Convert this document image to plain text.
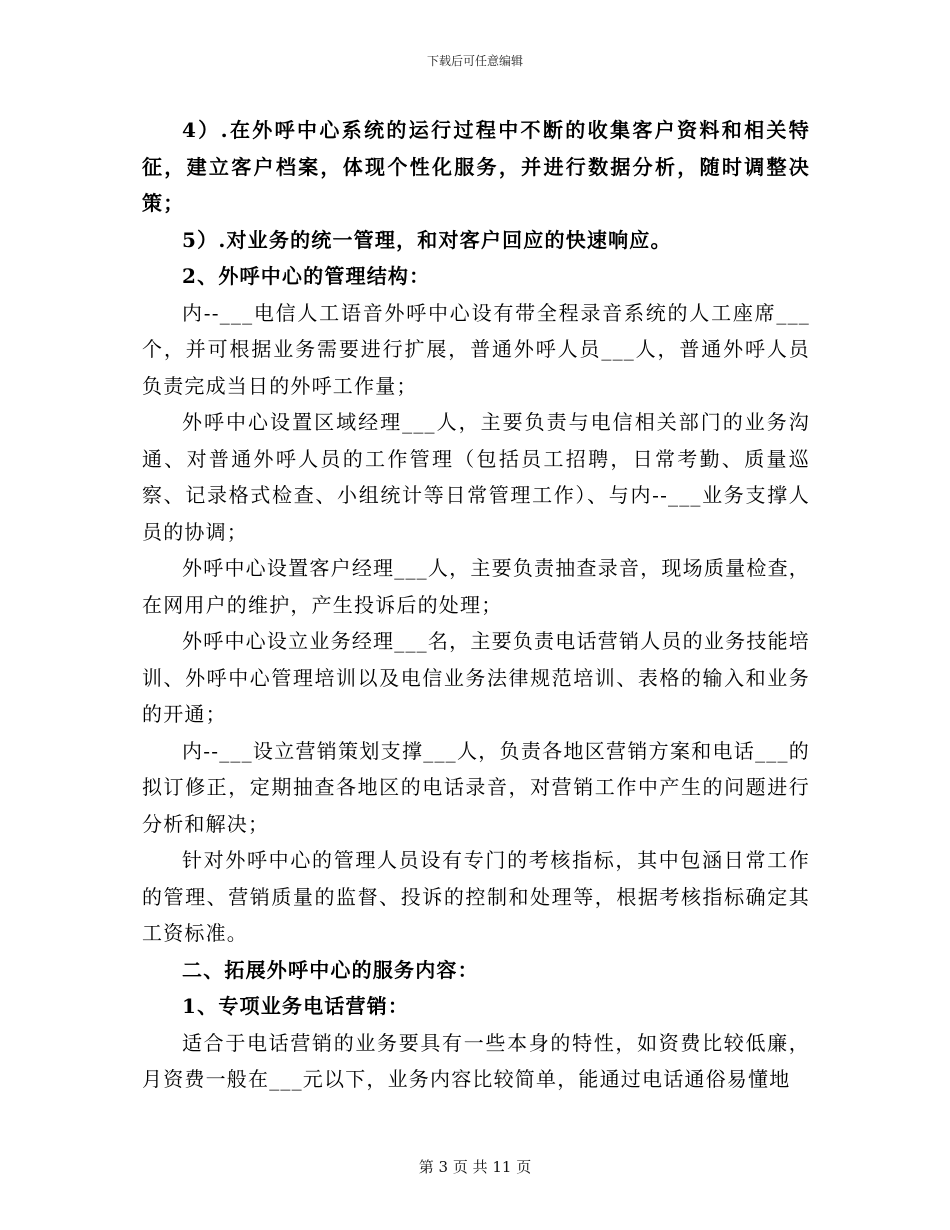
下载后可任意编辑

4）.在外呼中心系统的运行过程中不断的收集客户资料和相关特征，建立客户档案，体现个性化服务，并进行数据分析，随时调整决策；

5）.对业务的统一管理，和对客户回应的快速响应。

2、外呼中心的管理结构：

内--___电信人工语音外呼中心设有带全程录音系统的人工座席___个，并可根据业务需要进行扩展，普通外呼人员___人，普通外呼人员负责完成当日的外呼工作量；

外呼中心设置区域经理___人，主要负责与电信相关部门的业务沟通、对普通外呼人员的工作管理（包括员工招聘，日常考勤、质量巡察、记录格式检查、小组统计等日常管理工作）、与内--___业务支撑人员的协调；

外呼中心设置客户经理___人，主要负责抽查录音，现场质量检查，在网用户的维护，产生投诉后的处理；

外呼中心设立业务经理___名，主要负责电话营销人员的业务技能培训、外呼中心管理培训以及电信业务法律规范培训、表格的输入和业务的开通；

内--___设立营销策划支撑___人，负责各地区营销方案和电话___的拟订修正，定期抽查各地区的电话录音，对营销工作中产生的问题进行分析和解决；

针对外呼中心的管理人员设有专门的考核指标，其中包涵日常工作的管理、营销质量的监督、投诉的控制和处理等，根据考核指标确定其工资标准。

二、拓展外呼中心的服务内容：

1、专项业务电话营销：

适合于电话营销的业务要具有一些本身的特性，如资费比较低廉，月资费一般在___元以下，业务内容比较简单，能通过电话通俗易懂地

第 3 页 共 11 页
